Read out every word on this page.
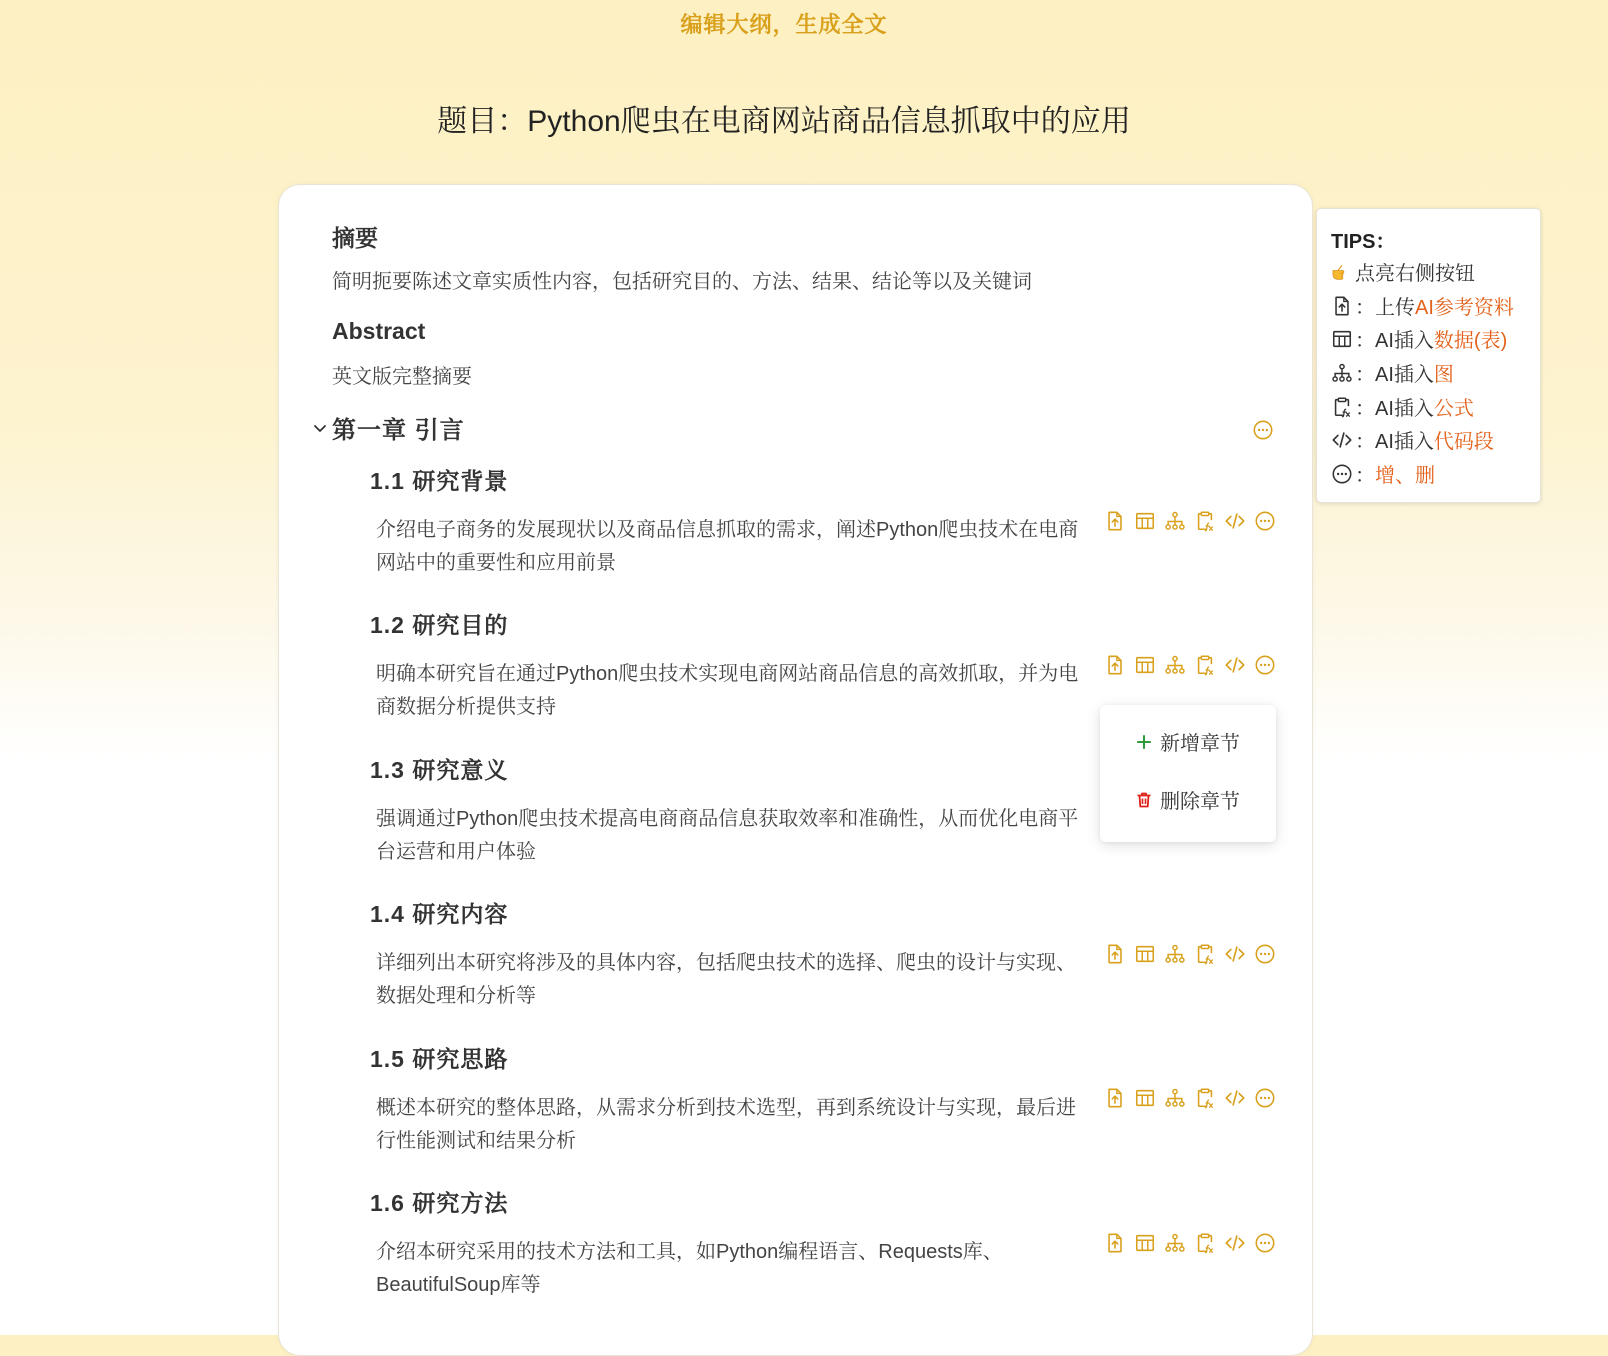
编辑大纲，生成全文
题目：Python爬虫在电商网站商品信息抓取中的应用
摘要
简明扼要陈述文章实质性内容，包括研究目的、方法、结果、结论等以及关键词
Abstract
英文版完整摘要
第一章 引言
1.1 研究背景
介绍电子商务的发展现状以及商品信息抓取的需求，阐述Python爬虫技术在电商网站中的重要性和应用前景
1.2 研究目的
明确本研究旨在通过Python爬虫技术实现电商网站商品信息的高效抓取，并为电商数据分析提供支持
1.3 研究意义
强调通过Python爬虫技术提高电商商品信息获取效率和准确性，从而优化电商平台运营和用户体验
1.4 研究内容
详细列出本研究将涉及的具体内容，包括爬虫技术的选择、爬虫的设计与实现、数据处理和分析等
1.5 研究思路
概述本研究的整体思路，从需求分析到技术选型，再到系统设计与实现，最后进行性能测试和结果分析
1.6 研究方法
介绍本研究采用的技术方法和工具，如Python编程语言、Requests库、BeautifulSoup库等
新增章节
删除章节
TIPS：
点亮右侧按钮
：上传 AI参考资料
：AI插入 数据(表)
：AI插入 图
：AI插入 公式
：AI插入 代码段
： 增、删
